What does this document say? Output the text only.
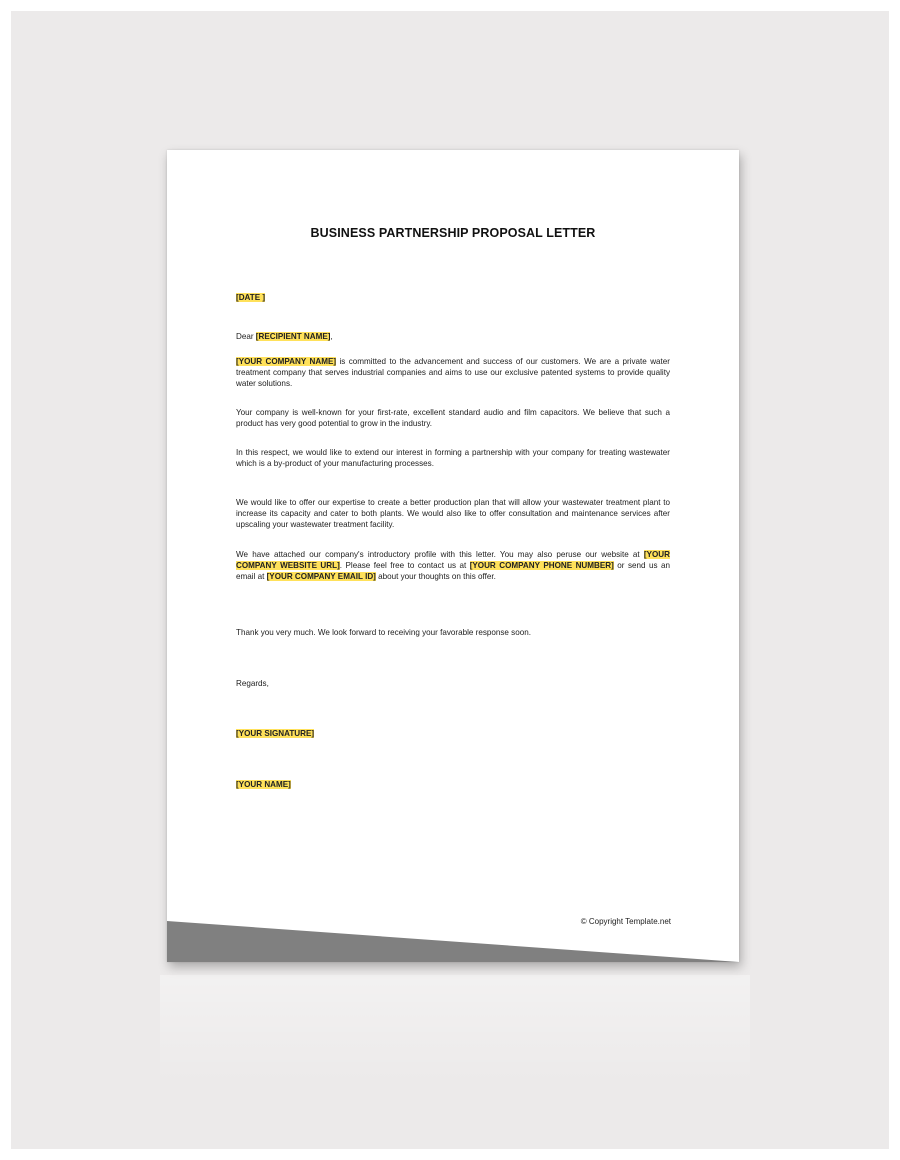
BUSINESS PARTNERSHIP PROPOSAL LETTER
[DATE ]
Dear [RECIPIENT NAME],
[YOUR COMPANY NAME] is committed to the advancement and success of our customers. We are a private water treatment company that serves industrial companies and aims to use our exclusive patented systems to provide quality water solutions.
Your company is well-known for your first-rate, excellent standard audio and film capacitors. We believe that such a product has very good potential to grow in the industry.
In this respect, we would like to extend our interest in forming a partnership with your company for treating wastewater which is a by-product of your manufacturing processes.
We would like to offer our expertise to create a better production plan that will allow your wastewater treatment plant to increase its capacity and cater to both plants. We would also like to offer consultation and maintenance services after upscaling your wastewater treatment facility.
We have attached our company's introductory profile with this letter. You may also peruse our website at [YOUR COMPANY WEBSITE URL]. Please feel free to contact us at [YOUR COMPANY PHONE NUMBER] or send us an email at [YOUR COMPANY EMAIL ID] about your thoughts on this offer.
Thank you very much. We look forward to receiving your favorable response soon.
Regards,
[YOUR SIGNATURE]
[YOUR NAME]
© Copyright Template.net
